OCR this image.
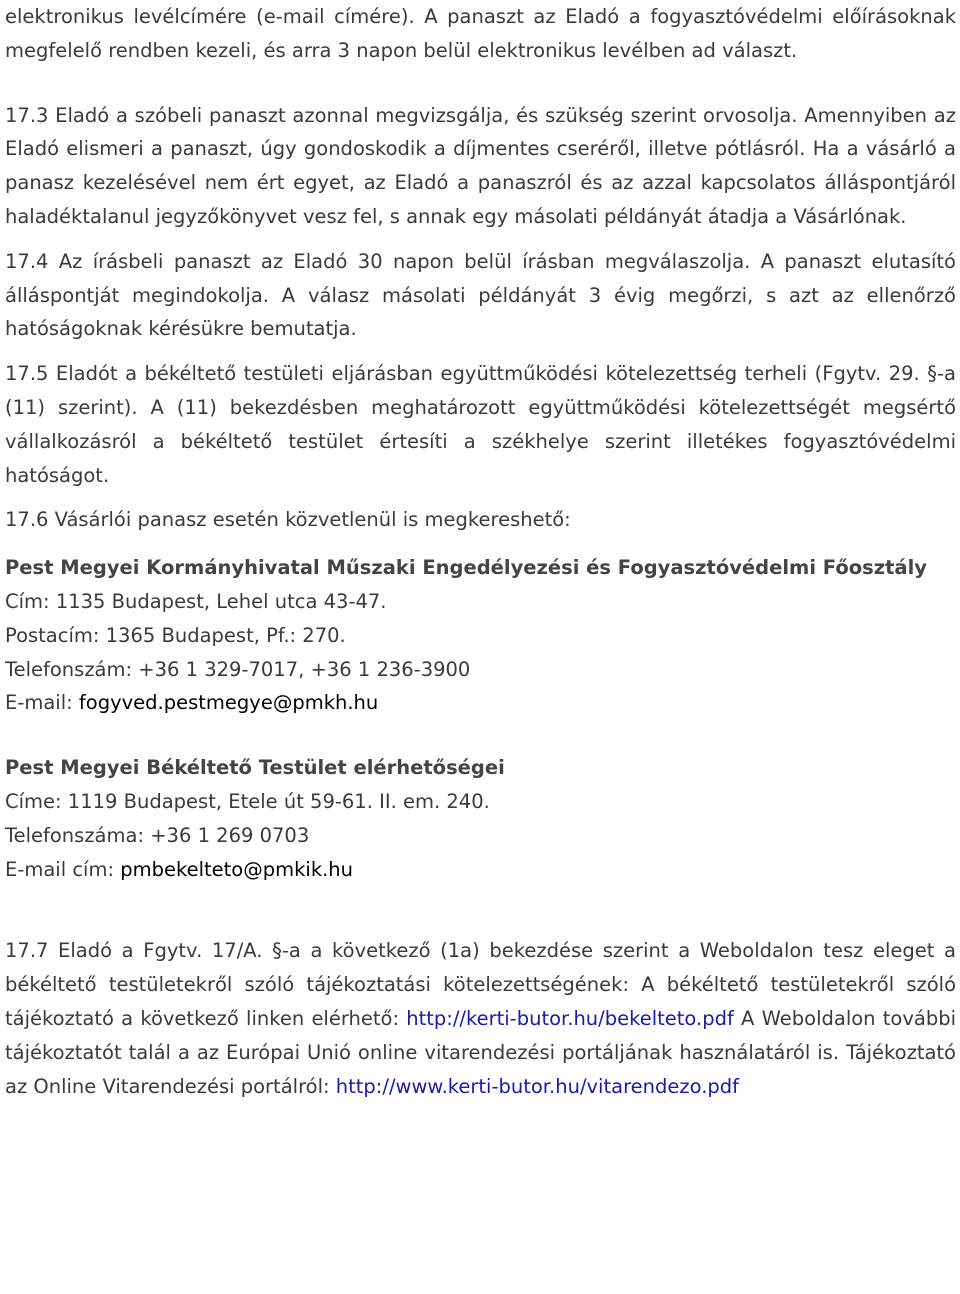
elektronikus levélcímére (e-mail címére). A panaszt az Eladó a fogyasztóvédelmi előírásoknak megfelelő rendben kezeli, és arra 3 napon belül elektronikus levélben ad választ.

17.3 Eladó a szóbeli panaszt azonnal megvizsgálja, és szükség szerint orvosolja. Amennyiben az Eladó elismeri a panaszt, úgy gondoskodik a díjmentes cseréről, illetve pótlásról. Ha a vásárló a panasz kezelésével nem ért egyet, az Eladó a panaszról és az azzal kapcsolatos álláspontjáról haladéktalanul jegyzőkönyvet vesz fel, s annak egy másolati példányát átadja a Vásárlónak.

17.4 Az írásbeli panaszt az Eladó 30 napon belül írásban megválaszolja. A panaszt elutasító álláspontját megindokolja. A válasz másolati példányát 3 évig megőrzi, s azt az ellenőrző hatóságoknak kérésükre bemutatja.

17.5 Eladót a békéltető testületi eljárásban együttműködési kötelezettség terheli (Fgytv. 29. §-a (11) szerint). A (11) bekezdésben meghatározott együttműködési kötelezettségét megsértő vállalkozásról a békéltető testület értesíti a székhelye szerint illetékes fogyasztóvédelmi hatóságot.

17.6 Vásárlói panasz esetén közvetlenül is megkereshető:

Pest Megyei Kormányhivatal Műszaki Engedélyezési és Fogyasztóvédelmi Főosztály

Cím: 1135 Budapest, Lehel utca 43-47.
Postacím: 1365 Budapest, Pf.: 270.
Telefonszám: +36 1 329-7017, +36 1 236-3900
E-mail: fogyved.pestmegye@pmkh.hu
Pest Megyei Békéltető Testület elérhetőségei
Címe: 1119 Budapest, Etele út 59-61. II. em. 240.
Telefonszáma: +36 1 269 0703
E-mail cím: pmbekelteto@pmkik.hu

17.7 Eladó a Fgytv. 17/A. §-a a következő (1a) bekezdése szerint a Weboldalon tesz eleget a békéltető testületekről szóló tájékoztatási kötelezettségének: A békéltető testületekről szóló tájékoztató a következő linken elérhető: http://kerti-butor.hu/bekelteto.pdf A Weboldalon további tájékoztatót talál a az Európai Unió online vitarendezési portáljának használatáról is. Tájékoztató az Online Vitarendezési portálról: http://www.kerti-butor.hu/vitarendezo.pdf
